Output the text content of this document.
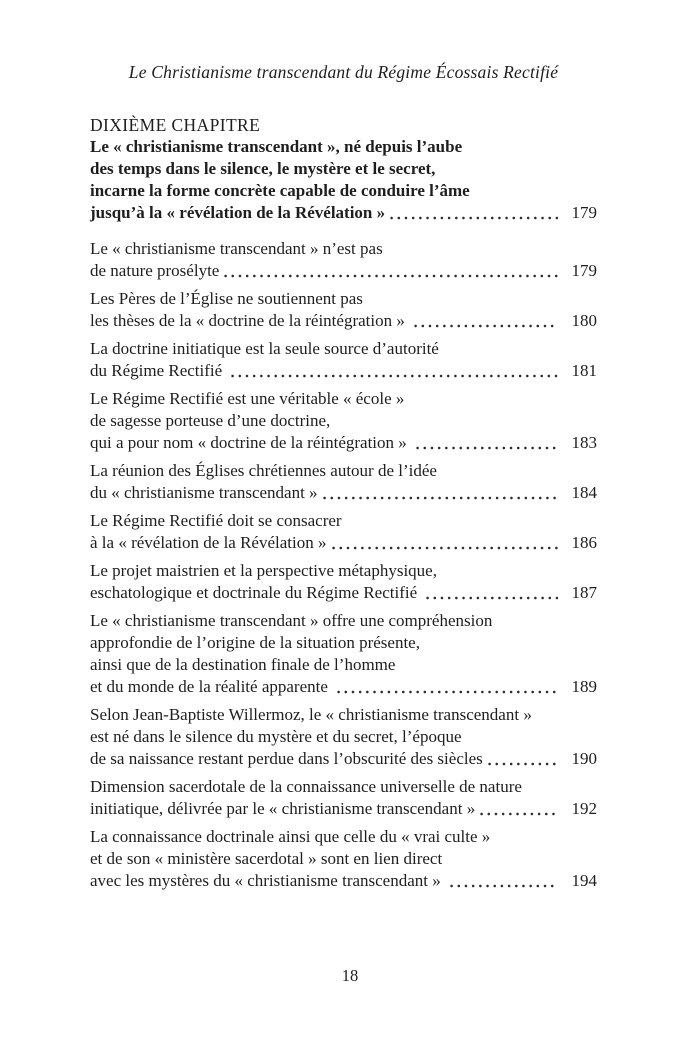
Le Christianisme transcendant du Régime Écossais Rectifié
DIXIÈME CHAPITRE
Le « christianisme transcendant », né depuis l’aube
des temps dans le silence, le mystère et le secret,
incarne la forme concrète capable de conduire l’âme
jusqu’à la « révélation de la Révélation »	179
Le « christianisme transcendant » n’est pas
de nature prosélyte	179
Les Pères de l’Église ne soutiennent pas
les thèses de la « doctrine de la réintégration »	180
La doctrine initiatique est la seule source d’autorité
du Régime Rectifié	181
Le Régime Rectifié est une véritable « école »
de sagesse porteuse d’une doctrine,
qui a pour nom « doctrine de la réintégration »	183
La réunion des Églises chrétiennes autour de l’idée
du « christianisme transcendant »	184
Le Régime Rectifié doit se consacrer
à la « révélation de la Révélation »	186
Le projet maistrien et la perspective métaphysique,
eschatologique et doctrinale du Régime Rectifié	187
Le « christianisme transcendant » offre une compréhension
approfondie de l’origine de la situation présente,
ainsi que de la destination finale de l’homme
et du monde de la réalité apparente	189
Selon Jean-Baptiste Willermoz, le « christianisme transcendant »
est né dans le silence du mystère et du secret, l’époque
de sa naissance restant perdue dans l’obscurité des siècles	190
Dimension sacerdotale de la connaissance universelle de nature
initiatique, délivrée par le « christianisme transcendant »	192
La connaissance doctrinale ainsi que celle du « vrai culte »
et de son « ministère sacerdotal » sont en lien direct
avec les mystères du « christianisme transcendant »	194
18
